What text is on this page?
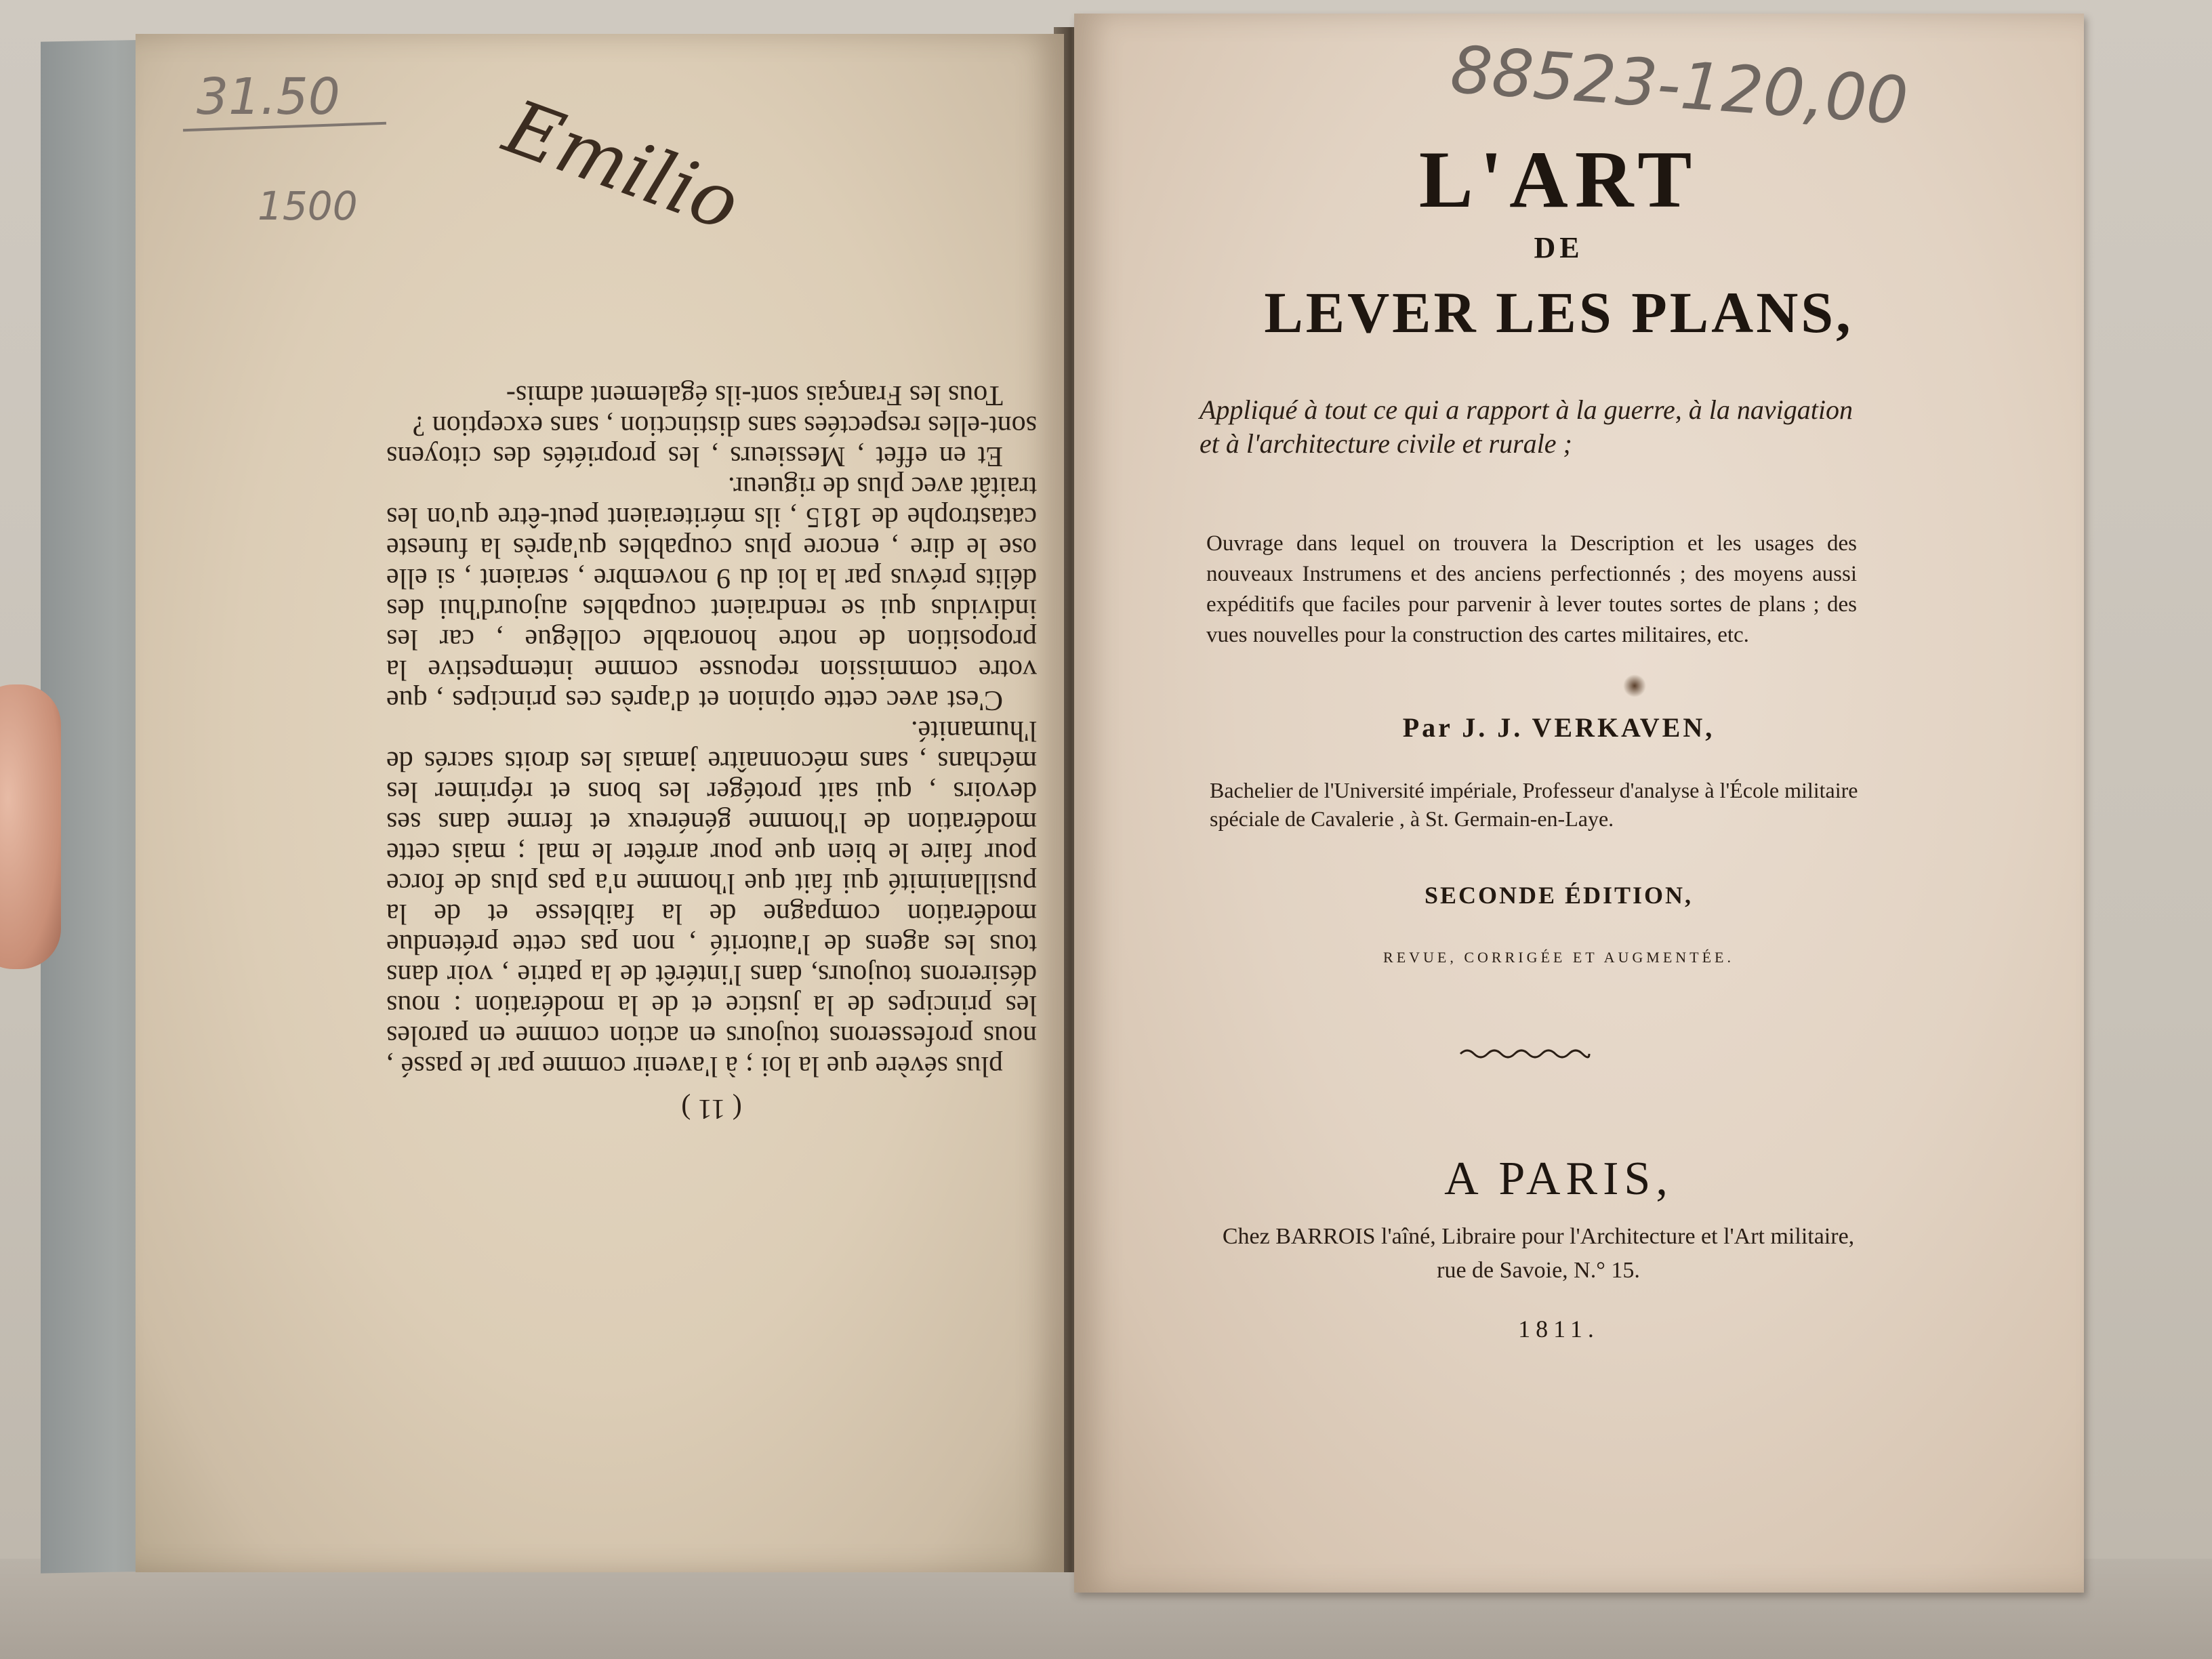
31.50
1500 Emilio

( 11 )

plus sévère que la loi ; à l'avenir comme par le passé , nous professerons toujours en action comme en paroles les principes de la justice et de la modération : nous désirerons toujours, dans l'intérêt de la patrie , voir dans tous les agens de l'autorité , non pas cette prétendue modération compagne de la faiblesse et de la pusillanimité qui fait que l'homme n'a pas plus de force pour faire le bien que pour arrêter le mal ; mais cette modération de l'homme généreux et ferme dans ses devoirs , qui sait protéger les bons et réprimer les méchans , sans méconnaître jamais les droits sacrés de l'humanité.

C'est avec cette opinion et d'après ces principes , que votre commission repousse comme intempestive la proposition de notre honorable collègue , car les individus qui se rendraient coupables aujourd'hui des délits prévus par la loi du 9 novembre , seraient , si elle ose le dire , encore plus coupables qu'après la funeste catastrophe de 1815 , ils mériteraient peut-être qu'on les traitât avec plus de rigueur.

Et en effet , Messieurs , les propriétés des citoyens sont-elles respectées sans distinction , sans exception ?

Tous les Français sont-ils également admis-

88523-120,00
L'ART
DE
LEVER LES PLANS,
Appliqué à tout ce qui a rapport à la guerre, à la navigation et à l'architecture civile et rurale ;
Ouvrage dans lequel on trouvera la Description et les usages des nouveaux Instrumens et des anciens perfectionnés ; des moyens aussi expéditifs que faciles pour parvenir à lever toutes sortes de plans ; des vues nouvelles pour la construction des cartes militaires, etc.
Par J. J. VERKAVEN,
Bachelier de l'Université impériale, Professeur d'analyse à l'École militaire spéciale de Cavalerie , à St. Germain-en-Laye.
SECONDE ÉDITION,
REVUE, CORRIGÉE ET AUGMENTÉE.
A PARIS,
Chez BARROIS l'aîné, Libraire pour l'Architecture et l'Art militaire, rue de Savoie, N.° 15.
1811.
